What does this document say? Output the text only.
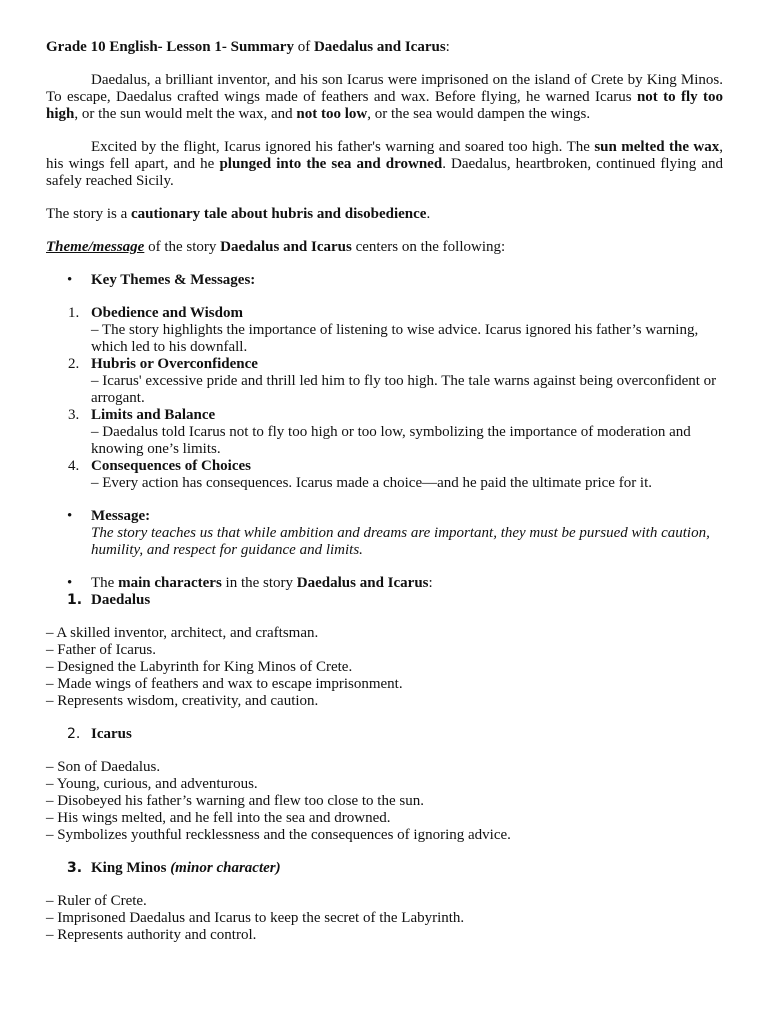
Grade 10 English- Lesson 1- Summary of Daedalus and Icarus:

Daedalus, a brilliant inventor, and his son Icarus were imprisoned on the island of Crete by King Minos. To escape, Daedalus crafted wings made of feathers and wax. Before flying, he warned Icarus not to fly too high, or the sun would melt the wax, and not too low, or the sea would dampen the wings.

Excited by the flight, Icarus ignored his father's warning and soared too high. The sun melted the wax, his wings fell apart, and he plunged into the sea and drowned. Daedalus, heartbroken, continued flying and safely reached Sicily.

The story is a cautionary tale about hubris and disobedience.

Theme/message of the story Daedalus and Icarus centers on the following:

• Key Themes & Messages:

1. Obedience and Wisdom

– The story highlights the importance of listening to wise advice. Icarus ignored his father’s warning, which led to his downfall.

2. Hubris or Overconfidence

– Icarus' excessive pride and thrill led him to fly too high. The tale warns against being overconfident or arrogant.

3. Limits and Balance

– Daedalus told Icarus not to fly too high or too low, symbolizing the importance of moderation and knowing one’s limits.

4. Consequences of Choices

– Every action has consequences. Icarus made a choice—and he paid the ultimate price for it.

• Message:

The story teaches us that while ambition and dreams are important, they must be pursued with caution, humility, and respect for guidance and limits.

• The main characters in the story Daedalus and Icarus:

1. Daedalus

– A skilled inventor, architect, and craftsman.

– Father of Icarus.

– Designed the Labyrinth for King Minos of Crete.

– Made wings of feathers and wax to escape imprisonment.

– Represents wisdom, creativity, and caution.

2. Icarus

– Son of Daedalus.

– Young, curious, and adventurous.

– Disobeyed his father’s warning and flew too close to the sun.

– His wings melted, and he fell into the sea and drowned.

– Symbolizes youthful recklessness and the consequences of ignoring advice.

3. King Minos (minor character)

– Ruler of Crete.

– Imprisoned Daedalus and Icarus to keep the secret of the Labyrinth.

– Represents authority and control.
